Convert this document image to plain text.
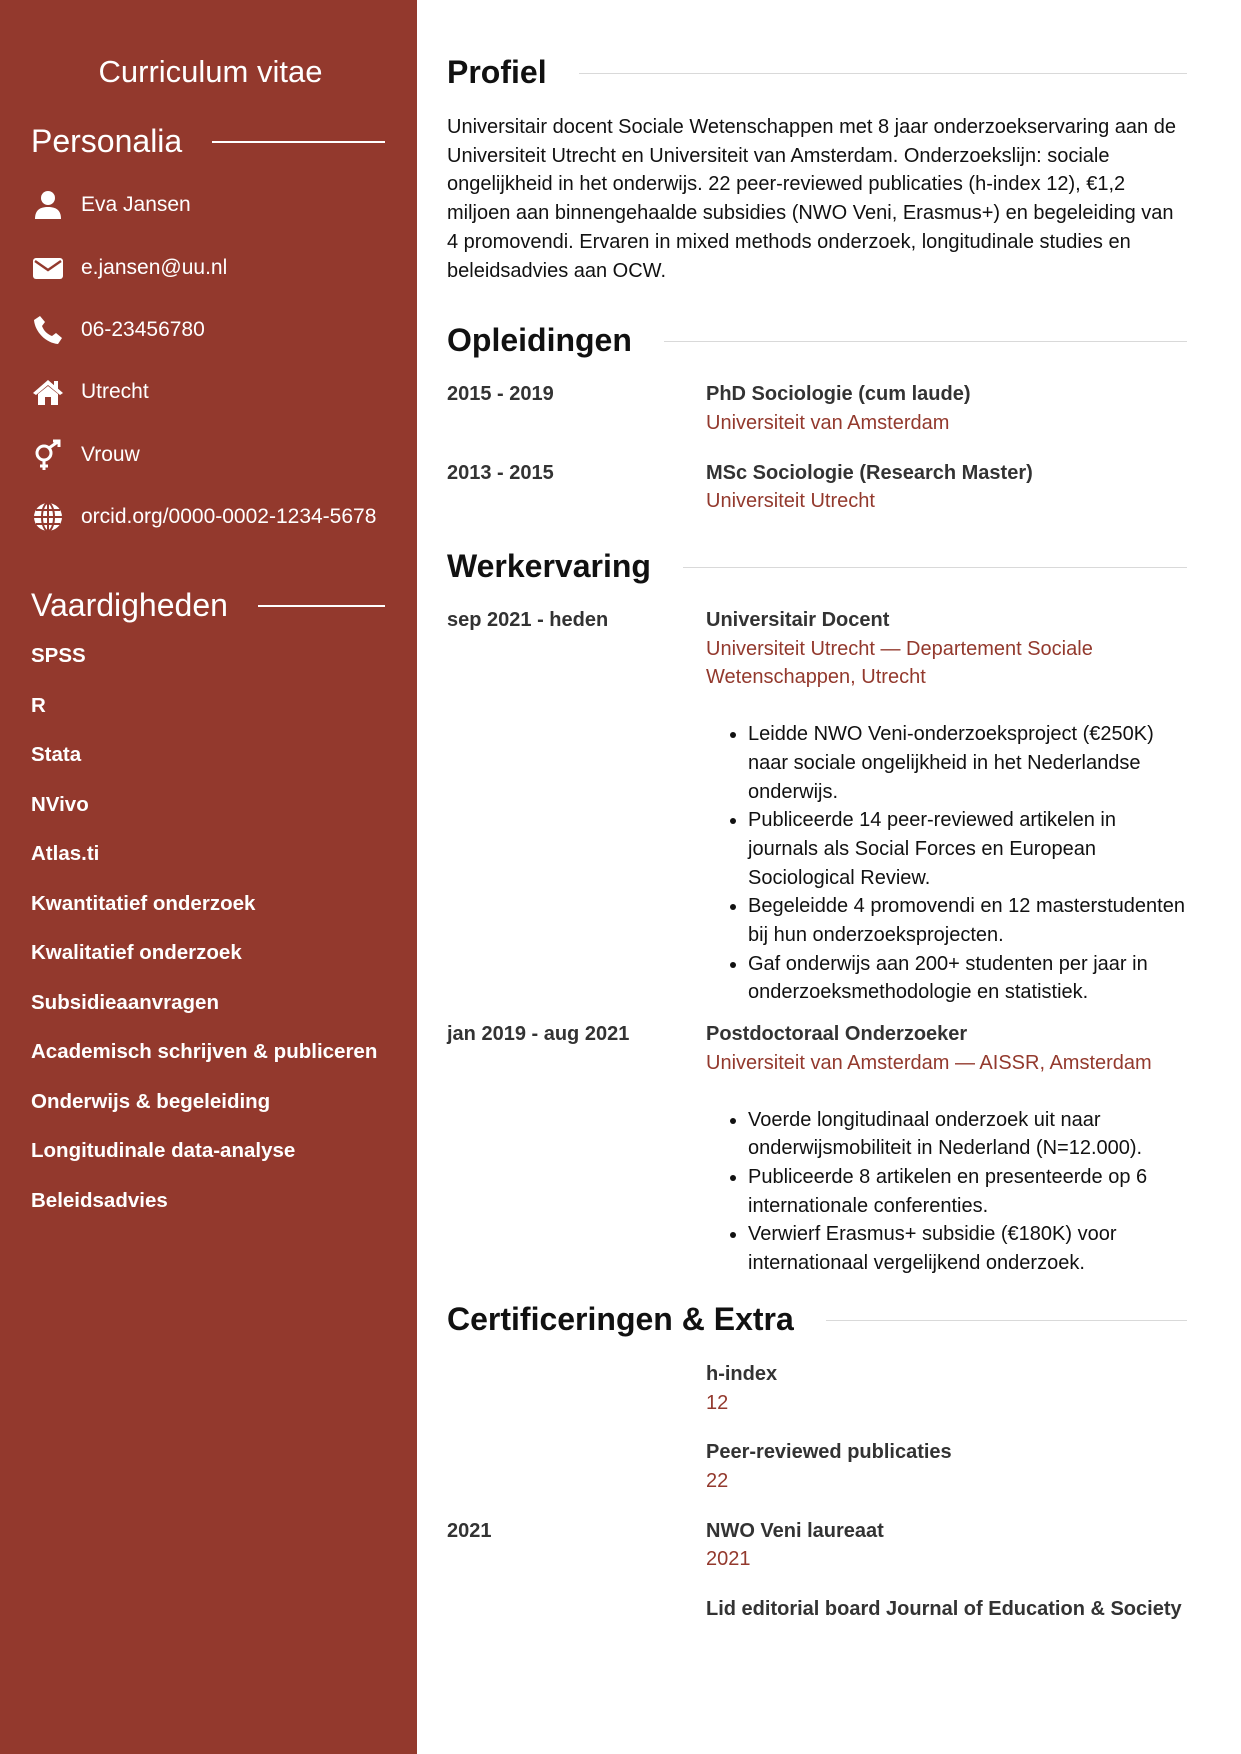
Curriculum vitae
Personalia
Eva Jansen
e.jansen@uu.nl
06-23456780
Utrecht
Vrouw
orcid.org/0000-0002-1234-5678
Vaardigheden
SPSS
R
Stata
NVivo
Atlas.ti
Kwantitatief onderzoek
Kwalitatief onderzoek
Subsidieaanvragen
Academisch schrijven & publiceren
Onderwijs & begeleiding
Longitudinale data-analyse
Beleidsadvies
Profiel
Universitair docent Sociale Wetenschappen met 8 jaar onderzoekservaring aan de Universiteit Utrecht en Universiteit van Amsterdam. Onderzoekslijn: sociale ongelijkheid in het onderwijs. 22 peer-reviewed publicaties (h-index 12), €1,2 miljoen aan binnengehaalde subsidies (NWO Veni, Erasmus+) en begeleiding van 4 promovendi. Ervaren in mixed methods onderzoek, longitudinale studies en beleidsadvies aan OCW.
Opleidingen
2015 - 2019	PhD Sociologie (cum laude)
Universiteit van Amsterdam
2013 - 2015	MSc Sociologie (Research Master)
Universiteit Utrecht
Werkervaring
sep 2021 - heden	Universitair Docent
Universiteit Utrecht — Departement Sociale Wetenschappen, Utrecht
• Leidde NWO Veni-onderzoeksproject (€250K) naar sociale ongelijkheid in het Nederlandse onderwijs.
• Publiceerde 14 peer-reviewed artikelen in journals als Social Forces en European Sociological Review.
• Begeleidde 4 promovendi en 12 masterstudenten bij hun onderzoeksprojecten.
• Gaf onderwijs aan 200+ studenten per jaar in onderzoeksmethodologie en statistiek.
jan 2019 - aug 2021	Postdoctoraal Onderzoeker
Universiteit van Amsterdam — AISSR, Amsterdam
• Voerde longitudinaal onderzoek uit naar onderwijsmobiliteit in Nederland (N=12.000).
• Publiceerde 8 artikelen en presenteerde op 6 internationale conferenties.
• Verwierf Erasmus+ subsidie (€180K) voor internationaal vergelijkend onderzoek.
Certificeringen & Extra
h-index
12
Peer-reviewed publicaties
22
2021	NWO Veni laureaat
2021
Lid editorial board Journal of Education & Society
